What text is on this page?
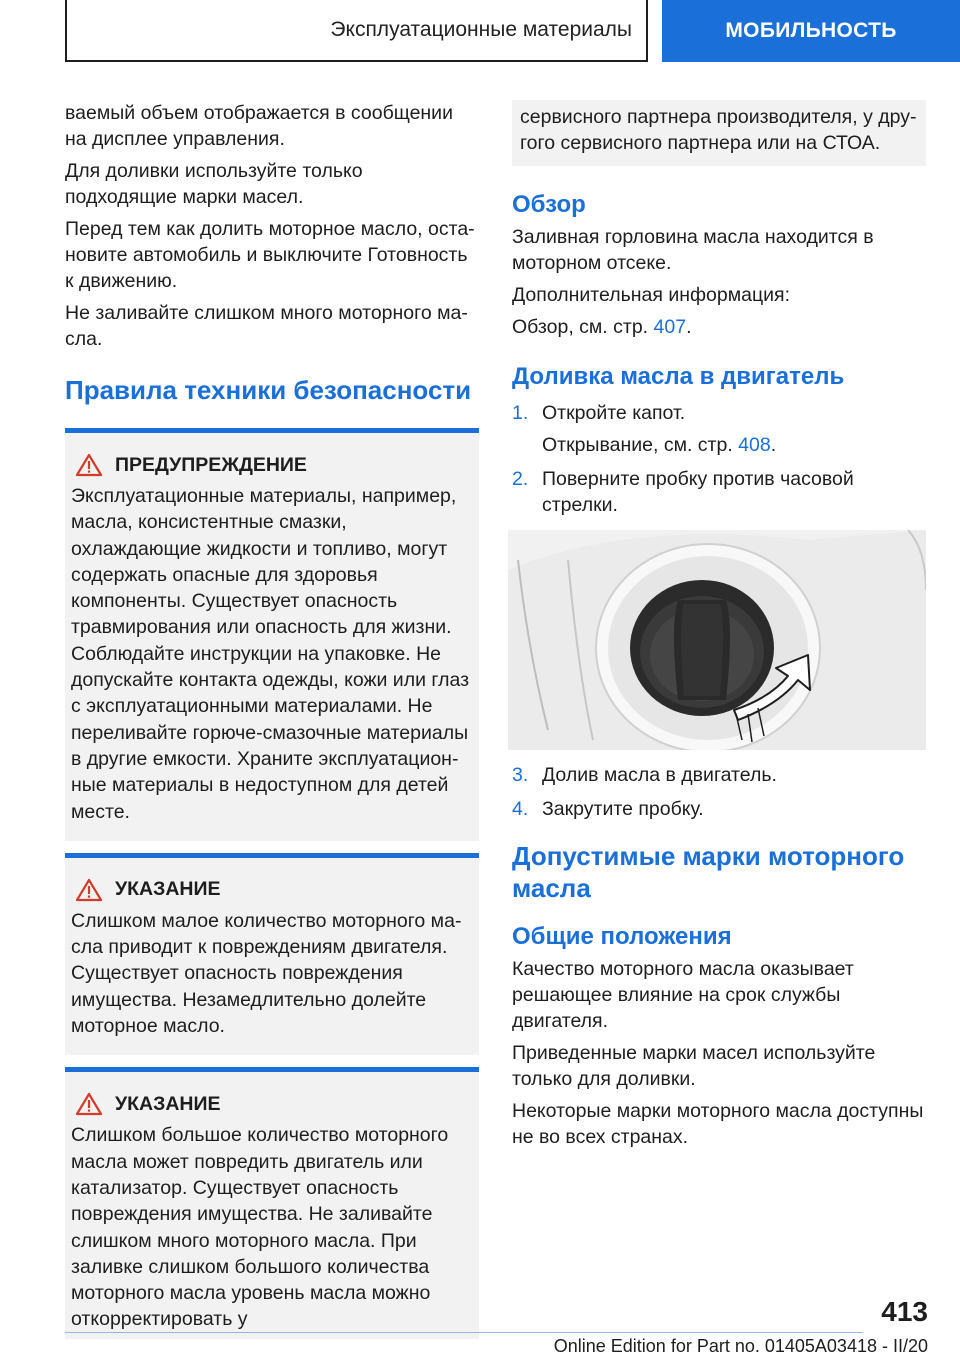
Эксплуатационные материалы	МОБИЛЬНОСТЬ

ваемый объем отображается в сообщении на дисплее управления.

Для доливки используйте только подходящие марки масел.

Перед тем как долить моторное масло, остановите автомобиль и выключите Готовность к движению.

Не заливайте слишком много моторного масла.

Правила техники безопасности
ПРЕДУПРЕЖДЕНИЕ

Эксплуатационные материалы, например, масла, консистентные смазки, охлаждающие жидкости и топливо, могут содержать опасные для здоровья компоненты. Существует опасность травмирования или опасность для жизни. Соблюдайте инструкции на упаковке. Не допускайте контакта одежды, кожи или глаз с эксплуатационными материалами. Не переливайте горюче-смазочные материалы в другие емкости. Храните эксплуатационные материалы в недоступном для детей месте.

УКАЗАНИЕ

Слишком малое количество моторного масла приводит к повреждениям двигателя. Существует опасность повреждения имущества. Незамедлительно долейте моторное масло.

УКАЗАНИЕ

Слишком большое количество моторного масла может повредить двигатель или катализатор. Существует опасность повреждения имущества. Не заливайте слишком много моторного масла. При заливке слишком большого количества моторного масла уровень масла можно откорректировать у

сервисного партнера производителя, у другого сервисного партнера или на СТОА.

Обзор

Заливная горловина масла находится в моторном отсеке.

Дополнительная информация:

Обзор, см. стр. 407.

Доливка масла в двигатель
1. Откройте капот.
Открывание, см. стр. 408.
2. Поверните пробку против часовой стрелки.
3. Долив масла в двигатель.
4. Закрутите пробку.
Допустимые марки моторного масла
Общие положения

Качество моторного масла оказывает решающее влияние на срок службы двигателя.

Приведенные марки масел используйте только для доливки.

Некоторые марки моторного масла доступны не во всех странах.

413
Online Edition for Part no. 01405A03418 - II/20
